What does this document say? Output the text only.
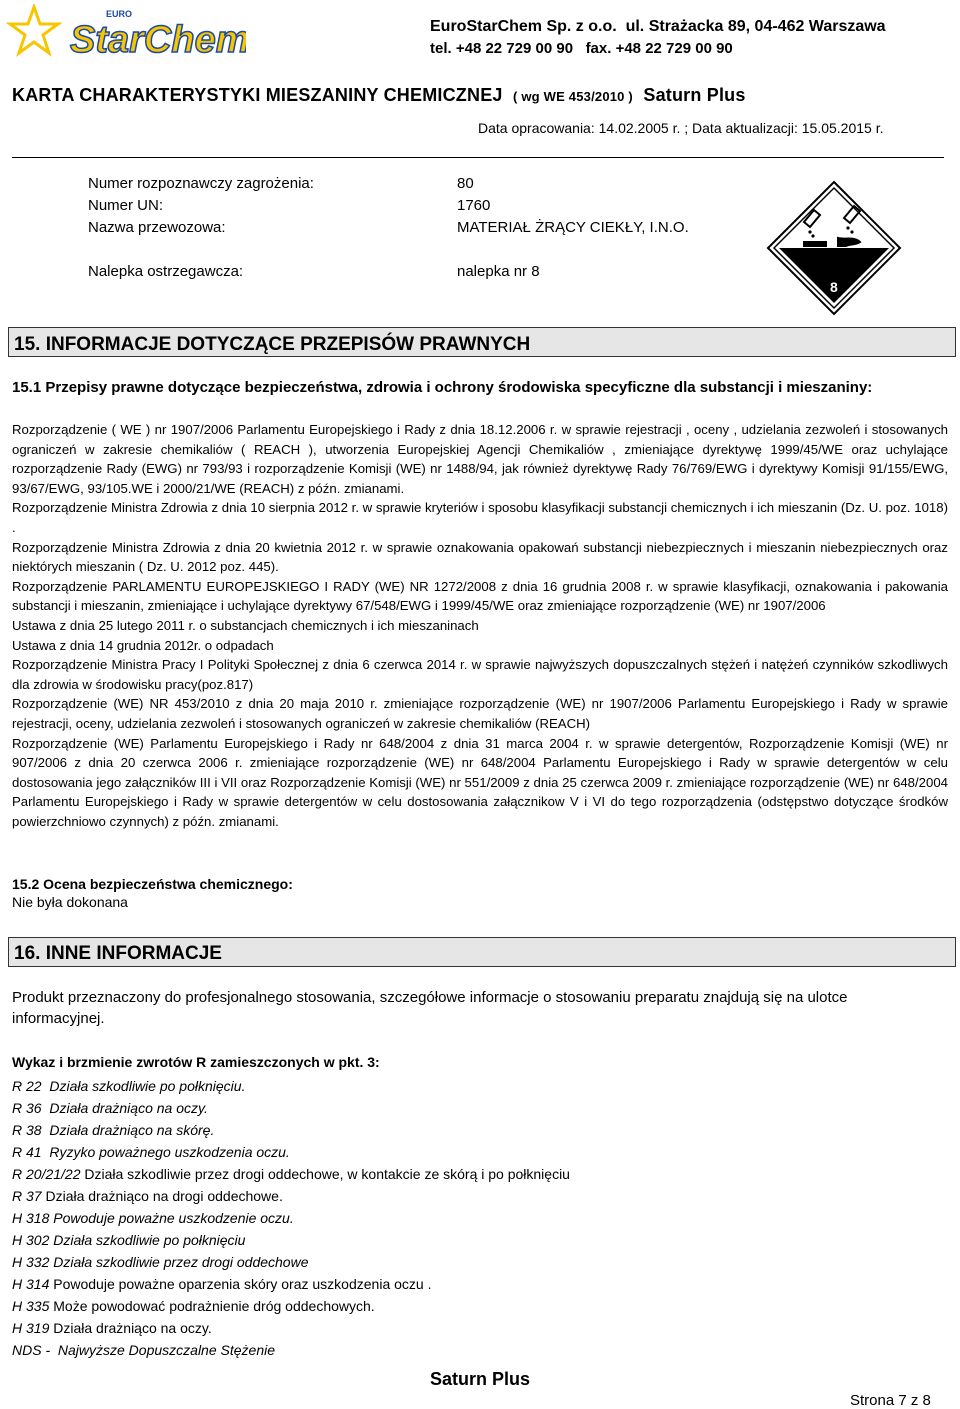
EURO
StarChem	EuroStarChem Sp. z o.o. ul. Strażacka 89, 04-462 Warszawa
tel. +48 22 729 00 90 fax. +48 22 729 00 90
KARTA CHARAKTERYSTYKI MIESZANINY CHEMICZNEJ ( wg WE 453/2010 ) Saturn Plus
Data opracowania: 14.02.2005 r. ; Data aktualizacji: 15.05.2015 r.
Numer rozpoznawczy zagrożenia:	80
Numer UN:	1760
Nazwa przewozowa:	MATERIAŁ ŻRĄCY CIEKŁY, I.N.O.
Nalepka ostrzegawcza:	nalepka nr 8
8
15. INFORMACJE DOTYCZĄCE PRZEPISÓW PRAWNYCH
15.1 Przepisy prawne dotyczące bezpieczeństwa, zdrowia i ochrony środowiska specyficzne dla substancji i mieszaniny:

Rozporządzenie ( WE ) nr 1907/2006 Parlamentu Europejskiego i Rady z dnia 18.12.2006 r. w sprawie rejestracji , oceny , udzielania zezwoleń i stosowanych ograniczeń w zakresie chemikaliów ( REACH ), utworzenia Europejskiej Agencji Chemikaliów , zmieniające dyrektywę 1999/45/WE oraz uchylające rozporządzenie Rady (EWG) nr 793/93 i rozporządzenie Komisji (WE) nr 1488/94, jak również dyrektywę Rady 76/769/EWG i dyrektywy Komisji 91/155/EWG, 93/67/EWG, 93/105.WE i 2000/21/WE (REACH) z późn. zmianami.

Rozporządzenie Ministra Zdrowia z dnia 10 sierpnia 2012 r. w sprawie kryteriów i sposobu klasyfikacji substancji chemicznych i ich mieszanin (Dz. U. poz. 1018) .

Rozporządzenie Ministra Zdrowia z dnia 20 kwietnia 2012 r. w sprawie oznakowania opakowań substancji niebezpiecznych i mieszanin niebezpiecznych oraz niektórych mieszanin ( Dz. U. 2012 poz. 445).

Rozporządzenie PARLAMENTU EUROPEJSKIEGO I RADY (WE) NR 1272/2008 z dnia 16 grudnia 2008 r. w sprawie klasyfikacji, oznakowania i pakowania substancji i mieszanin, zmieniające i uchylające dyrektywy 67/548/EWG i 1999/45/WE oraz zmieniające rozporządzenie (WE) nr 1907/2006

Ustawa z dnia 25 lutego 2011 r. o substancjach chemicznych i ich mieszaninach

Ustawa z dnia 14 grudnia 2012r. o odpadach

Rozporządzenie Ministra Pracy I Polityki Społecznej z dnia 6 czerwca 2014 r. w sprawie najwyższych dopuszczalnych stężeń i natężeń czynników szkodliwych dla zdrowia w środowisku pracy(poz.817)

Rozporządzenie (WE) NR 453/2010 z dnia 20 maja 2010 r. zmieniające rozporządzenie (WE) nr 1907/2006 Parlamentu Europejskiego i Rady w sprawie rejestracji, oceny, udzielania zezwoleń i stosowanych ograniczeń w zakresie chemikaliów (REACH)

Rozporządzenie (WE) Parlamentu Europejskiego i Rady nr 648/2004 z dnia 31 marca 2004 r. w sprawie detergentów, Rozporządzenie Komisji (WE) nr 907/2006 z dnia 20 czerwca 2006 r. zmieniające rozporządzenie (WE) nr 648/2004 Parlamentu Europejskiego i Rady w sprawie detergentów w celu dostosowania jego załączników III i VII oraz Rozporządzenie Komisji (WE) nr 551/2009 z dnia 25 czerwca 2009 r. zmieniające rozporządzenie (WE) nr 648/2004 Parlamentu Europejskiego i Rady w sprawie detergentów w celu dostosowania załącznikow V i VI do tego rozporządzenia (odstępstwo dotyczące środków powierzchniowo czynnych) z późn. zmianami.

15.2 Ocena bezpieczeństwa chemicznego:
Nie była dokonana
16. INNE INFORMACJE
Produkt przeznaczony do profesjonalnego stosowania, szczegółowe informacje o stosowaniu preparatu znajdują się na ulotce informacyjnej.
Wykaz i brzmienie zwrotów R zamieszczonych w pkt. 3:
R 22  Działa szkodliwie po połknięciu.
R 36  Działa drażniąco na oczy.
R 38  Działa drażniąco na skórę.
R 41  Ryzyko poważnego uszkodzenia oczu.
R 20/21/22 Działa szkodliwie przez drogi oddechowe, w kontakcie ze skórą i po połknięciu
R 37 Działa drażniąco na drogi oddechowe.
H 318 Powoduje poważne uszkodzenie oczu.
H 302 Działa szkodliwie po połknięciu
H 332 Działa szkodliwie przez drogi oddechowe
H 314 Powoduje poważne oparzenia skóry oraz uszkodzenia oczu .
H 335 Może powodować podrażnienie dróg oddechowych.
H 319 Działa drażniąco na oczy.
NDS -  Najwyższe Dopuszczalne Stężenie
Saturn Plus
Strona 7 z 8
